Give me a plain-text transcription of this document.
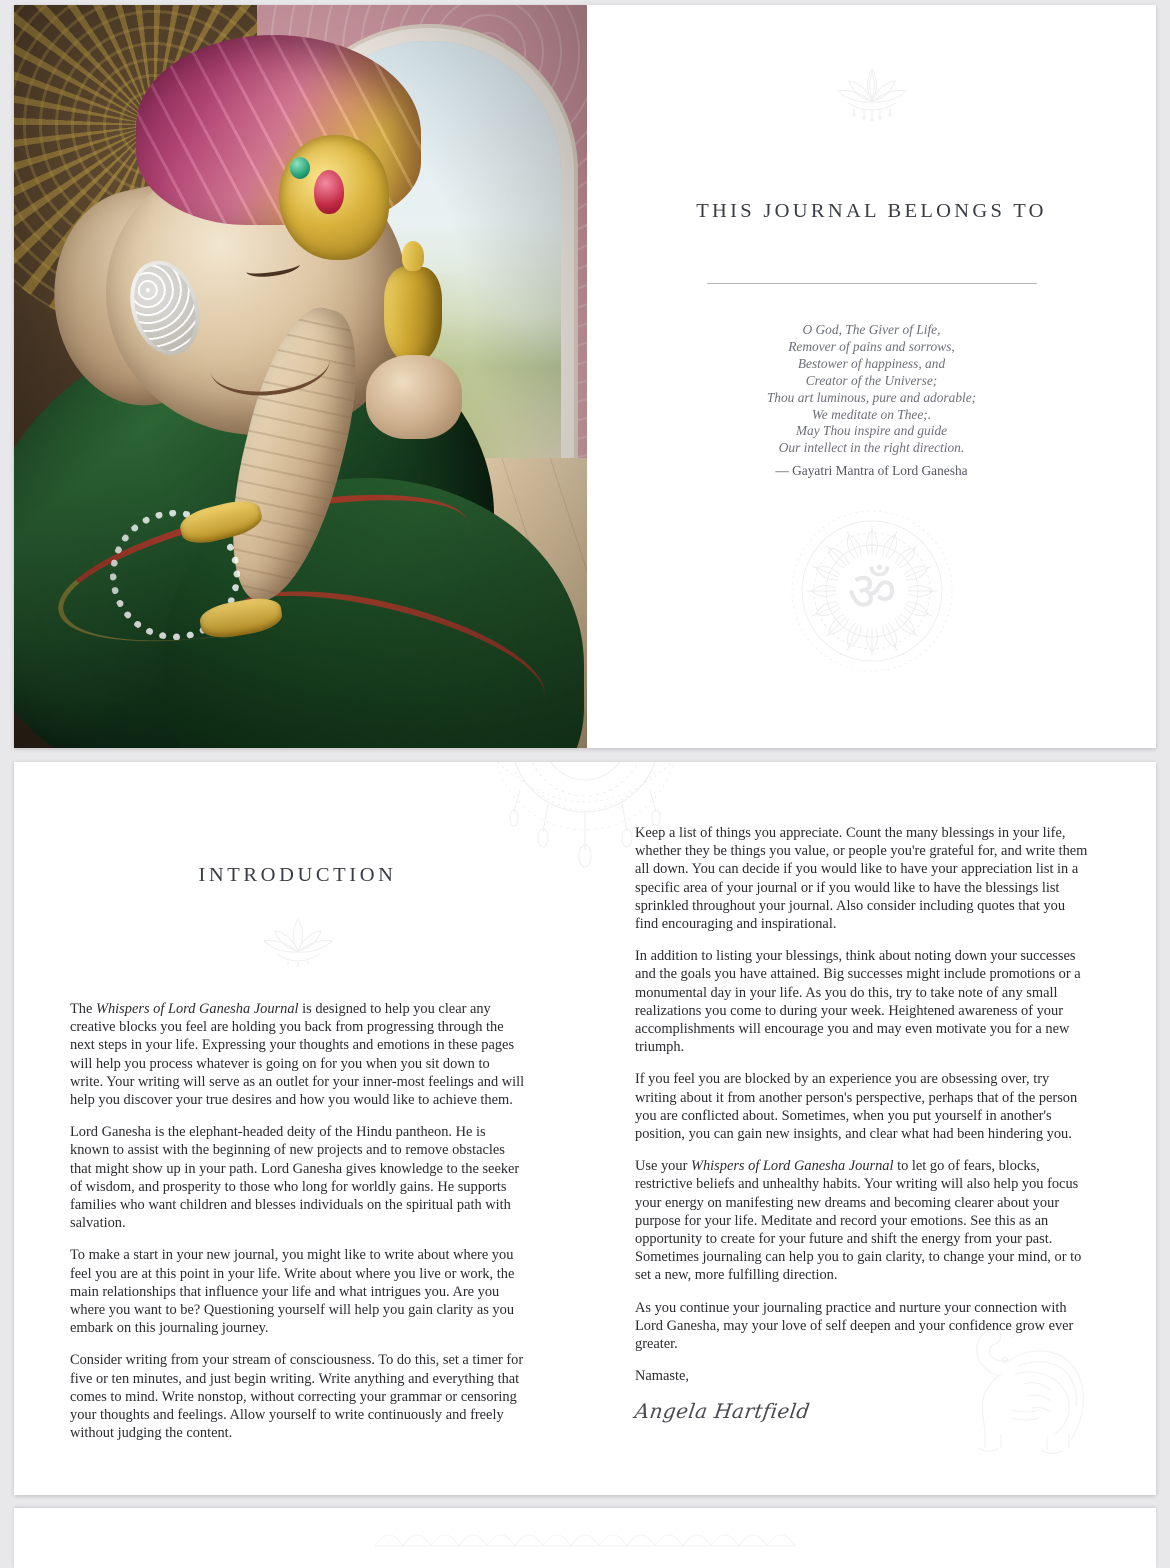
THIS JOURNAL BELONGS TO
O God, The Giver of Life,
Remover of pains and sorrows,
Bestower of happiness, and
Creator of the Universe;
Thou art luminous, pure and adorable;
We meditate on Thee;.
May Thou inspire and guide
Our intellect in the right direction.
— Gayatri Mantra of Lord Ganesha
ॐ
INTRODUCTION

The Whispers of Lord Ganesha Journal is designed to help you clear any creative blocks you feel are holding you back from progressing through the next steps in your life. Expressing your thoughts and emotions in these pages will help you process whatever is going on for you when you sit down to write. Your writing will serve as an outlet for your inner-most feelings and will help you discover your true desires and how you would like to achieve them.

Lord Ganesha is the elephant-headed deity of the Hindu pantheon. He is known to assist with the beginning of new projects and to remove obstacles that might show up in your path. Lord Ganesha gives knowledge to the seeker of wisdom, and prosperity to those who long for worldly gains. He supports families who want children and blesses individuals on the spiritual path with salvation.

To make a start in your new journal, you might like to write about where you feel you are at this point in your life. Write about where you live or work, the main relationships that influence your life and what intrigues you. Are you where you want to be? Questioning yourself will help you gain clarity as you embark on this journaling journey.

Consider writing from your stream of consciousness. To do this, set a timer for five or ten minutes, and just begin writing. Write anything and everything that comes to mind. Write nonstop, without correcting your grammar or censoring your thoughts and feelings. Allow yourself to write continuously and freely without judging the content.

Keep a list of things you appreciate. Count the many blessings in your life, whether they be things you value, or people you're grateful for, and write them all down. You can decide if you would like to have your appreciation list in a specific area of your journal or if you would like to have the blessings list sprinkled throughout your journal. Also consider including quotes that you find encouraging and inspirational.

In addition to listing your blessings, think about noting down your successes and the goals you have attained. Big successes might include promotions or a monumental day in your life. As you do this, try to take note of any small realizations you come to during your week. Heightened awareness of your accomplishments will encourage you and may even motivate you for a new triumph.

If you feel you are blocked by an experience you are obsessing over, try writing about it from another person's perspective, perhaps that of the person you are conflicted about. Sometimes, when you put yourself in another's position, you can gain new insights, and clear what had been hindering you.

Use your Whispers of Lord Ganesha Journal to let go of fears, blocks, restrictive beliefs and unhealthy habits. Your writing will also help you focus your energy on manifesting new dreams and becoming clearer about your purpose for your life. Meditate and record your emotions. See this as an opportunity to create for your future and shift the energy from your past. Sometimes journaling can help you to gain clarity, to change your mind, or to set a new, more fulfilling direction.

As you continue your journaling practice and nurture your connection with Lord Ganesha, may your love of self deepen and your confidence grow ever greater.

Namaste,

Angela Hartfield
